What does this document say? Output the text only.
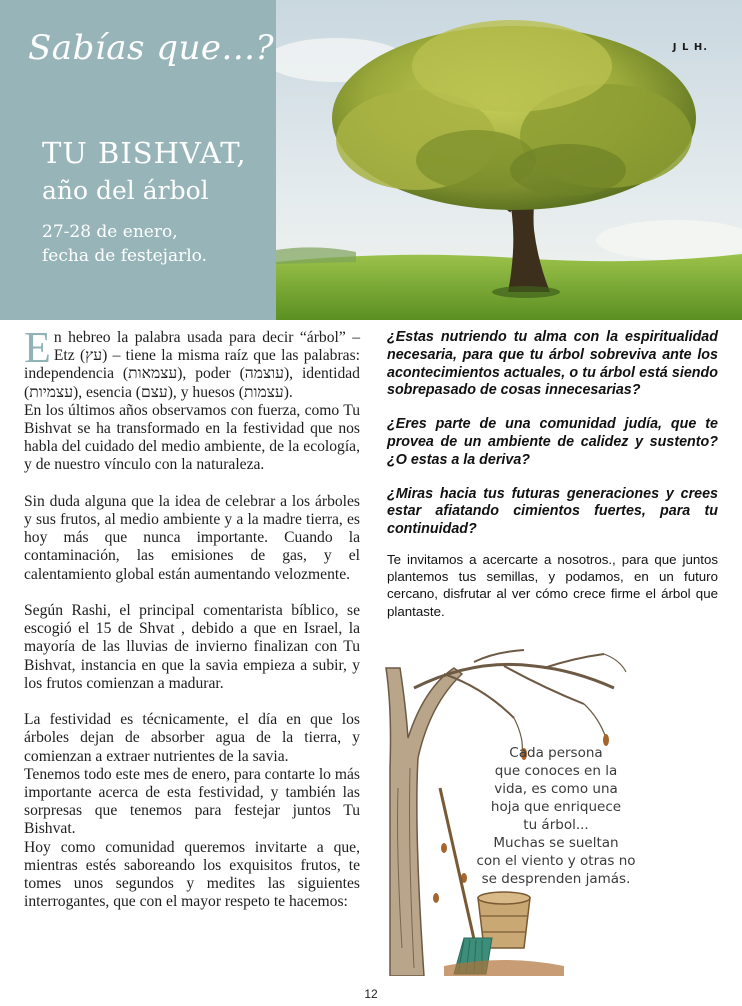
Sabías que...?
TU BISHVAT,
año del árbol
27-28 de enero,
fecha de festejarlo.
J L H.

En hebreo la palabra usada para decir “árbol” – Etz (עץ) – tiene la misma raíz que las palabras: independencia (עצמאות), poder (עוצמה), identidad (עצמיות), esencia (עצם), y huesos (עצמות).

En los últimos años observamos con fuerza, como Tu Bishvat se ha transformado en la festividad que nos habla del cuidado del medio ambiente, de la ecología, y de nuestro vínculo con la naturaleza.

Sin duda alguna que la idea de celebrar a los árboles y sus frutos, al medio ambiente y a la madre tierra, es hoy más que nunca importante. Cuando la contaminación, las emisiones de gas, y el calentamiento global están aumentando velozmente.

Según Rashi, el principal comentarista bíblico, se escogió el 15 de Shvat , debido a que en Israel, la mayoría de las lluvias de invierno finalizan con Tu Bishvat, instancia en que la savia empieza a subir, y los frutos comienzan a madurar.

La festividad es técnicamente, el día en que los árboles dejan de absorber agua de la tierra, y comienzan a extraer nutrientes de la savia.

Tenemos todo este mes de enero, para contarte lo más importante acerca de esta festividad, y también las sorpresas que tenemos para festejar juntos Tu Bishvat.

Hoy como comunidad queremos invitarte a que, mientras estés saboreando los exquisitos frutos, te tomes unos segundos y medites las siguientes interrogantes, que con el mayor respeto te hacemos:

¿Estas nutriendo tu alma con la espiritualidad necesaria, para que tu árbol sobreviva ante los acontecimientos actuales, o tu árbol está siendo sobrepasado de cosas innecesarias?

¿Eres parte de una comunidad judía, que te provea de un ambiente de calidez y sustento? ¿O estas a la deriva?

¿Miras hacia tus futuras generaciones y crees estar afiatando cimientos fuertes, para tu continuidad?

Te invitamos a acercarte a nosotros., para que juntos plantemos tus semillas, y podamos, en un futuro cercano, disfrutar al ver cómo crece firme el árbol que plantaste.

Cada persona
que conoces en la
vida, es como una
hoja que enriquece
tu árbol...
Muchas se sueltan
con el viento y otras no
se desprenden jamás.
12
